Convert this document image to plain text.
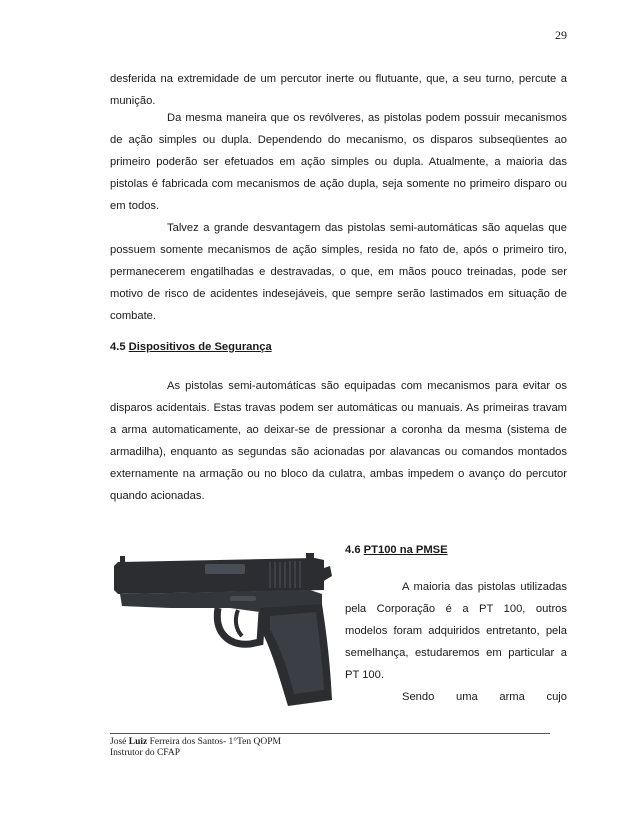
29

desferida na extremidade de um percutor inerte ou flutuante, que, a seu turno, percute a munição.

Da mesma maneira que os revólveres, as pistolas podem possuir mecanismos de ação simples ou dupla. Dependendo do mecanismo, os disparos subseqüentes ao primeiro poderão ser efetuados em ação simples ou dupla. Atualmente, a maioria das pistolas é fabricada com mecanismos de ação dupla, seja somente no primeiro disparo ou em todos.

Talvez a grande desvantagem das pistolas semi-automáticas são aquelas que possuem somente mecanismos de ação simples, resida no fato de, após o primeiro tiro, permanecerem engatilhadas e destravadas, o que, em mãos pouco treinadas, pode ser motivo de risco de acidentes indesejáveis, que sempre serão lastimados em situação de combate.

4.5 Dispositivos de Segurança

As pistolas semi-automáticas são equipadas com mecanismos para evitar os disparos acidentais. Estas travas podem ser automáticas ou manuais. As primeiras travam a arma automaticamente, ao deixar-se de pressionar a coronha da mesma (sistema de armadilha), enquanto as segundas são acionadas por alavancas ou comandos montados externamente na armação ou no bloco da culatra, ambas impedem o avanço do percutor quando acionadas.

4.6 PT100 na PMSE

A maioria das pistolas utilizadas pela Corporação é a PT 100, outros modelos foram adquiridos entretanto, pela semelhança, estudaremos em particular a PT 100.

Sendo uma arma cujo

José Luiz Ferreira dos Santos- 1°Ten QOPM
Instrutor do CFAP
